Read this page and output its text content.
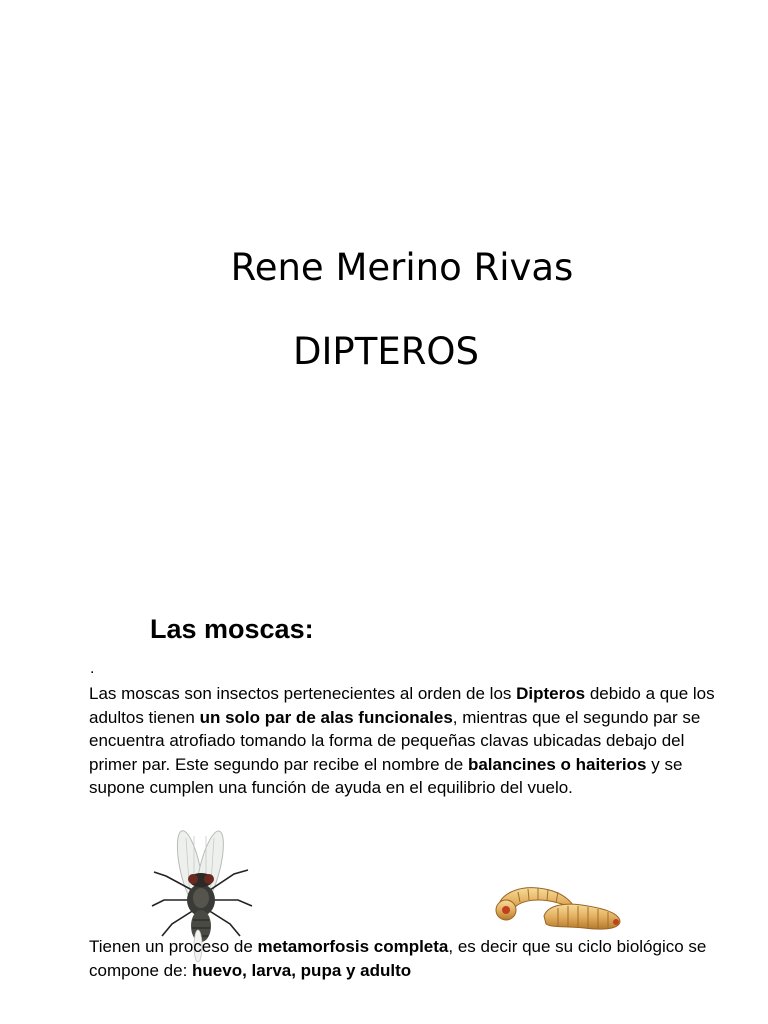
Rene Merino Rivas
DIPTEROS
Las moscas:
.
Las moscas son insectos pertenecientes al orden de los Dipteros debido a que los adultos tienen un solo par de alas funcionales, mientras que el segundo par se encuentra atrofiado tomando la forma de pequeñas clavas ubicadas debajo del primer par. Este segundo par recibe el nombre de balancines o haiterios y se supone cumplen una función de ayuda en el equilibrio del vuelo.
Tienen un proceso de metamorfosis completa, es decir que su ciclo biológico se compone de: huevo, larva, pupa y adulto
